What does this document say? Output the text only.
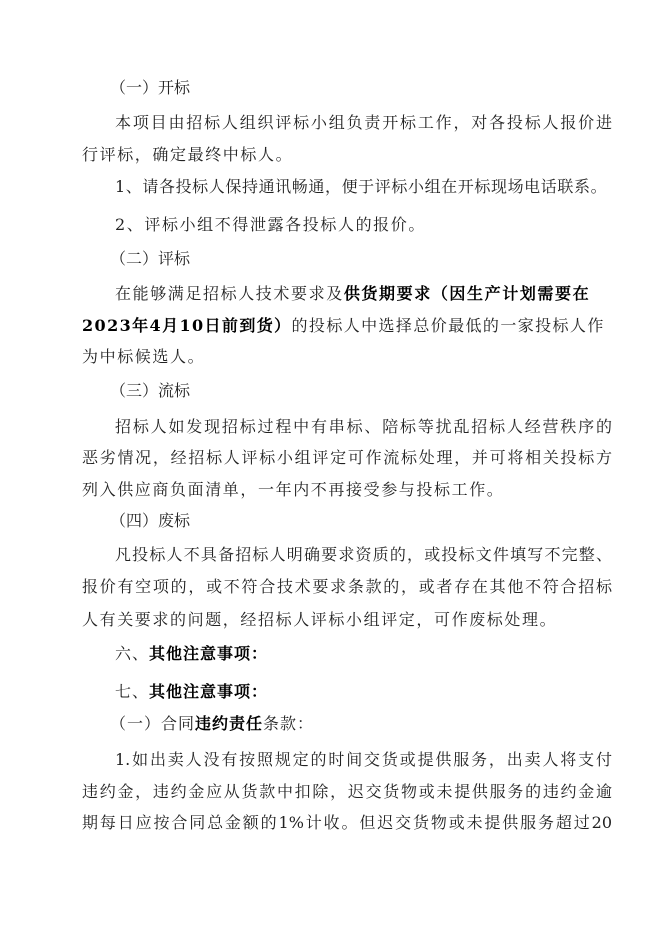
（一）开标
本项目由招标人组织评标小组负责开标工作，对各投标人报价进
行评标，确定最终中标人。
1、请各投标人保持通讯畅通，便于评标小组在开标现场电话联系。
2、评标小组不得泄露各投标人的报价。
（二）评标
在能够满足招标人技术要求及供货期要求（因生产计划需要在
2023年4月10日前到货）的投标人中选择总价最低的一家投标人作
为中标候选人。
（三）流标
招标人如发现招标过程中有串标、陪标等扰乱招标人经营秩序的
恶劣情况，经招标人评标小组评定可作流标处理，并可将相关投标方
列入供应商负面清单，一年内不再接受参与投标工作。
（四）废标
凡投标人不具备招标人明确要求资质的，或投标文件填写不完整、
报价有空项的，或不符合技术要求条款的，或者存在其他不符合招标
人有关要求的问题，经招标人评标小组评定，可作废标处理。
六、其他注意事项：
七、其他注意事项：
（一）合同违约责任条款：
1.如出卖人没有按照规定的时间交货或提供服务，出卖人将支付
违约金，违约金应从货款中扣除，迟交货物或未提供服务的违约金逾
期每日应按合同总金额的1%计收。但迟交货物或未提供服务超过20
